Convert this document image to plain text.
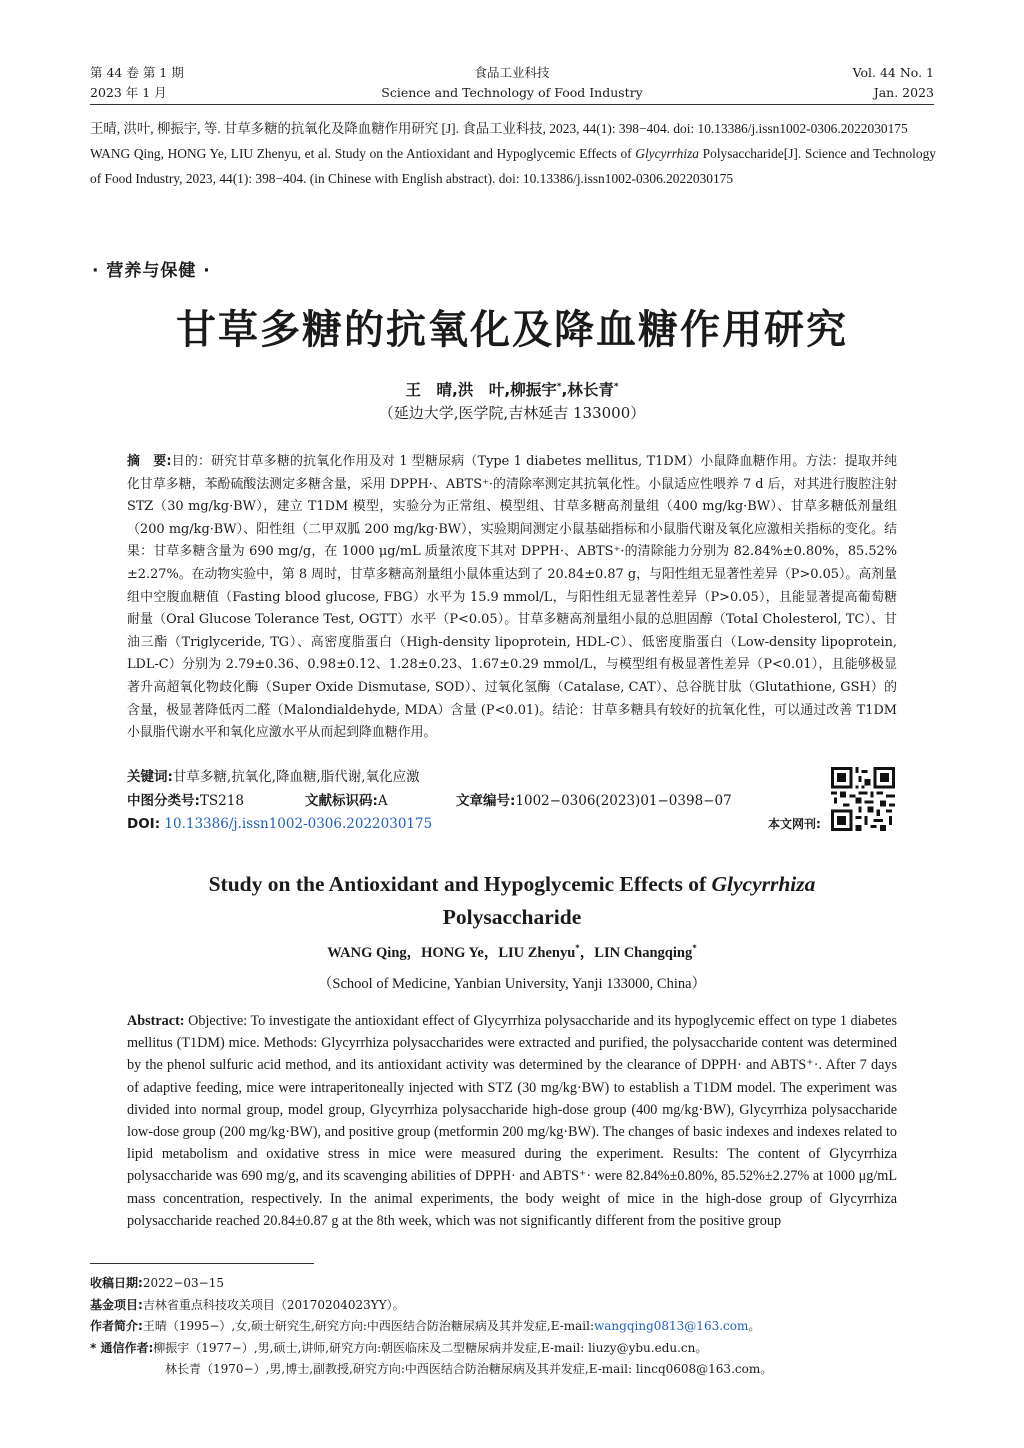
第 44 卷 第 1 期
2023 年 1 月
食品工业科技
Science and Technology of Food Industry
Vol. 44 No. 1
Jan. 2023

王晴, 洪叶, 柳振宇, 等. 甘草多糖的抗氧化及降血糖作用研究 [J]. 食品工业科技, 2023, 44(1): 398−404. doi: 10.13386/j.issn1002-0306.2022030175

WANG Qing, HONG Ye, LIU Zhenyu, et al. Study on the Antioxidant and Hypoglycemic Effects of Glycyrrhiza Polysaccharide[J]. Science and Technology of Food Industry, 2023, 44(1): 398−404. (in Chinese with English abstract). doi: 10.13386/j.issn1002-0306.2022030175

· 营养与保健 ·
甘草多糖的抗氧化及降血糖作用研究
王　晴,洪　叶,柳振宇*,林长青*
（延边大学,医学院,吉林延吉 133000）
摘　要:目的：研究甘草多糖的抗氧化作用及对 1 型糖尿病（Type 1 diabetes mellitus, T1DM）小鼠降血糖作用。方法：提取并纯化甘草多糖，苯酚硫酸法测定多糖含量，采用 DPPH·、ABTS⁺·的清除率测定其抗氧化性。小鼠适应性喂养 7 d 后，对其进行腹腔注射 STZ（30 mg/kg·BW），建立 T1DM 模型，实验分为正常组、模型组、甘草多糖高剂量组（400 mg/kg·BW）、甘草多糖低剂量组（200 mg/kg·BW）、阳性组（二甲双胍 200 mg/kg·BW），实验期间测定小鼠基础指标和小鼠脂代谢及氧化应激相关指标的变化。结果：甘草多糖含量为 690 mg/g，在 1000 μg/mL 质量浓度下其对 DPPH·、ABTS⁺·的清除能力分别为 82.84%±0.80%，85.52%±2.27%。在动物实验中，第 8 周时，甘草多糖高剂量组小鼠体重达到了 20.84±0.87 g，与阳性组无显著性差异（P>0.05）。高剂量组中空腹血糖值（Fasting blood glucose, FBG）水平为 15.9 mmol/L，与阳性组无显著性差异（P>0.05），且能显著提高葡萄糖耐量（Oral Glucose Tolerance Test, OGTT）水平（P<0.05）。甘草多糖高剂量组小鼠的总胆固醇（Total Cholesterol, TC）、甘油三酯（Triglyceride, TG）、高密度脂蛋白（High-density lipoprotein, HDL-C）、低密度脂蛋白（Low-density lipoprotein, LDL-C）分别为 2.79±0.36、0.98±0.12、1.28±0.23、1.67±0.29 mmol/L，与模型组有极显著性差异（P<0.01），且能够极显著升高超氧化物歧化酶（Super Oxide Dismutase, SOD）、过氧化氢酶（Catalase, CAT）、总谷胱甘肽（Glutathione, GSH）的含量，极显著降低丙二醛（Malondialdehyde, MDA）含量 (P<0.01)。结论：甘草多糖具有较好的抗氧化性，可以通过改善 T1DM 小鼠脂代谢水平和氧化应激水平从而起到降血糖作用。
关键词:甘草多糖,抗氧化,降血糖,脂代谢,氧化应激
中图分类号:TS218	文献标识码:A	文章编号:1002−0306(2023)01−0398−07
DOI: 10.13386/j.issn1002-0306.2022030175	本文网刊:
Study on the Antioxidant and Hypoglycemic Effects of Glycyrrhiza
Polysaccharide
WANG Qing，HONG Ye，LIU Zhenyu*，LIN Changqing*
（School of Medicine, Yanbian University, Yanji 133000, China）
Abstract: Objective: To investigate the antioxidant effect of Glycyrrhiza polysaccharide and its hypoglycemic effect on type 1 diabetes mellitus (T1DM) mice. Methods: Glycyrrhiza polysaccharides were extracted and purified, the polysaccharide content was determined by the phenol sulfuric acid method, and its antioxidant activity was determined by the clearance of DPPH· and ABTS⁺·. After 7 days of adaptive feeding, mice were intraperitoneally injected with STZ (30 mg/kg·BW) to establish a T1DM model. The experiment was divided into normal group, model group, Glycyrrhiza polysaccharide high-dose group (400 mg/kg·BW), Glycyrrhiza polysaccharide low-dose group (200 mg/kg·BW), and positive group (metformin 200 mg/kg·BW). The changes of basic indexes and indexes related to lipid metabolism and oxidative stress in mice were measured during the experiment. Results: The content of Glycyrrhiza polysaccharide was 690 mg/g, and its scavenging abilities of DPPH· and ABTS⁺· were 82.84%±0.80%, 85.52%±2.27% at 1000 μg/mL mass concentration, respectively. In the animal experiments, the body weight of mice in the high-dose group of Glycyrrhiza polysaccharide reached 20.84±0.87 g at the 8th week, which was not significantly different from the positive group
收稿日期:2022−03−15
基金项目:吉林省重点科技攻关项目（20170204023YY）。
作者简介:王晴（1995−）,女,硕士研究生,研究方向:中西医结合防治糖尿病及其并发症,E-mail:wangqing0813@163.com。
* 通信作者:柳振宇（1977−）,男,硕士,讲师,研究方向:朝医临床及二型糖尿病并发症,E-mail: liuzy@ybu.edu.cn。
林长青（1970−）,男,博士,副教授,研究方向:中西医结合防治糖尿病及其并发症,E-mail: lincq0608@163.com。
